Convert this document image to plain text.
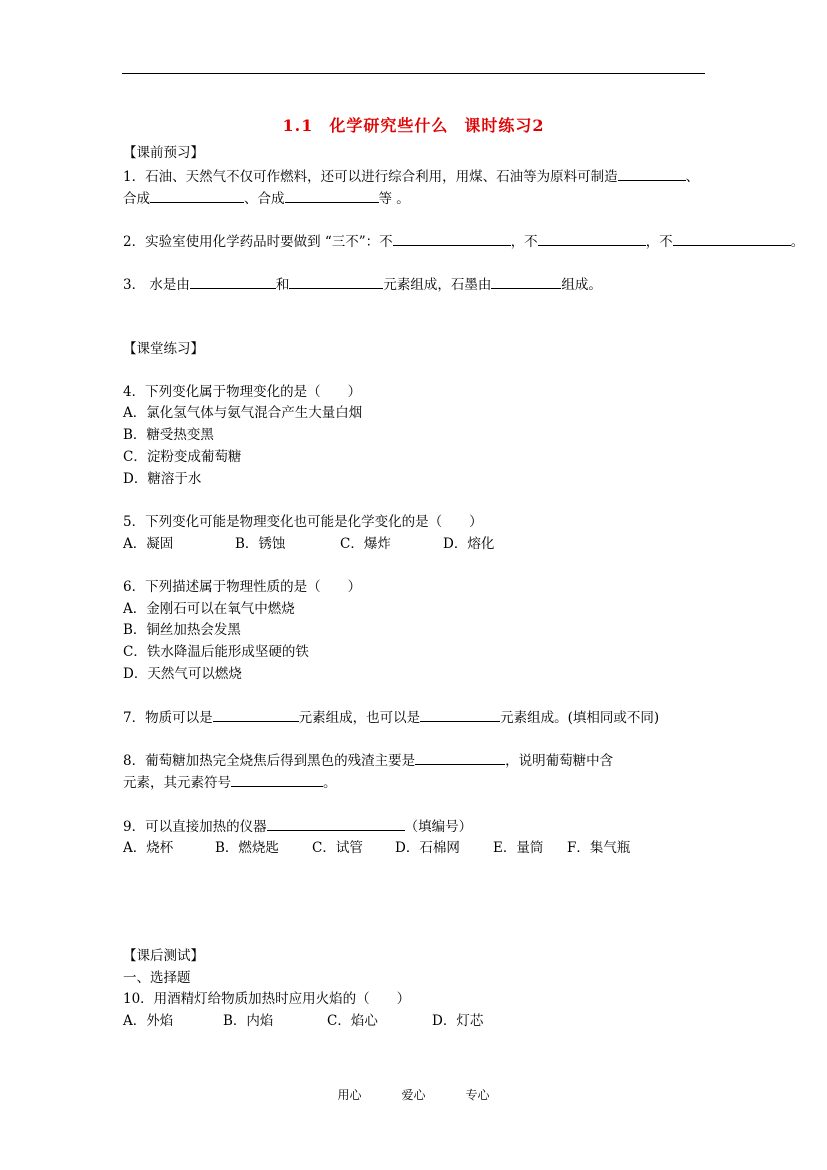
1.1 化学研究些什么 课时练习2
【课前预习】
1．石油、天然气不仅可作燃料，还可以进行综合利用，用煤、石油等为原料可制造	、
合成	、合成	等 。
2．实验室使用化学药品时要做到 “三不”：不	，不	，不	。
3． 水是由	和	元素组成，石墨由	组成。
【课堂练习】
4．下列变化属于物理变化的是（　　）
A．氯化氢气体与氨气混合产生大量白烟
B．糖受热变黑
C．淀粉变成葡萄糖
D．糖溶于水
5．下列变化可能是物理变化也可能是化学变化的是（　　）
A．凝固	B．锈蚀	C．爆炸	D．熔化
6．下列描述属于物理性质的是（　　）
A．金刚石可以在氧气中燃烧
B．铜丝加热会发黑
C．铁水降温后能形成坚硬的铁
D．天然气可以燃烧
7．物质可以是	元素组成，也可以是	元素组成。(填相同或不同)
8．葡萄糖加热完全烧焦后得到黑色的残渣主要是	，说明葡萄糖中含
元素，其元素符号	。
9．可以直接加热的仪器	（填编号）
A．烧杯	B．燃烧匙 C．试管 D．石棉网 E．量筒 F．集气瓶
【课后测试】
一、选择题
10．用酒精灯给物质加热时应用火焰的（　　）
A．外焰	B．内焰	C．焰心	D．灯芯
用心	爱心	专心
